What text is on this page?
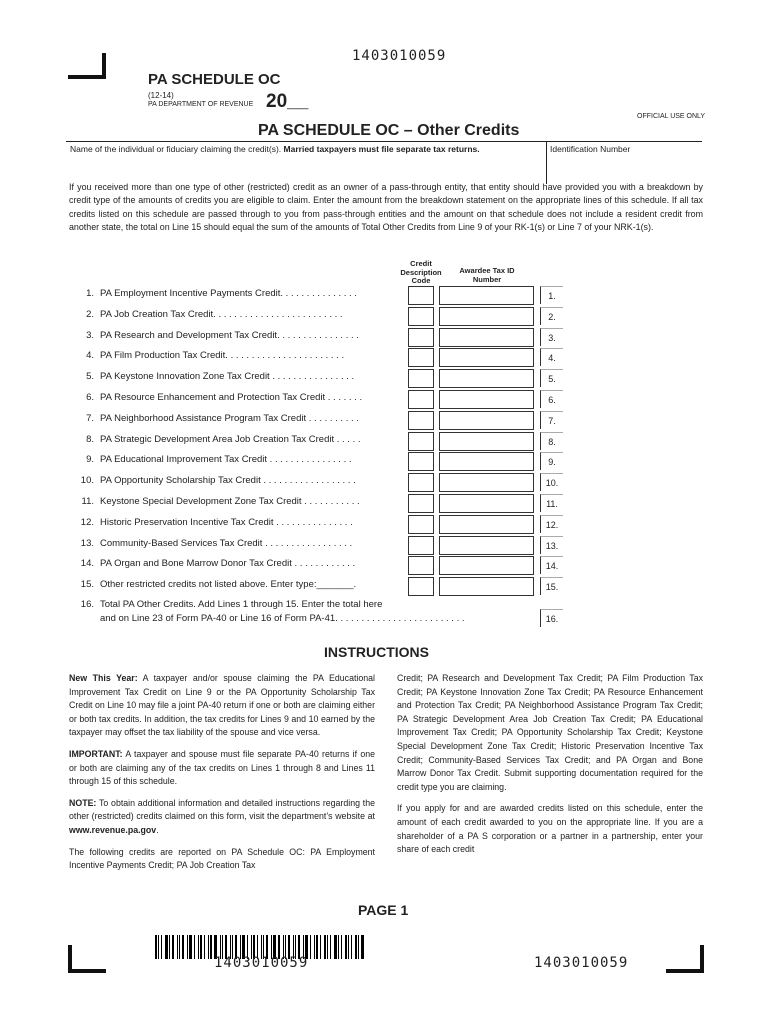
1403010059
PA SCHEDULE OC
(12-14)
PA DEPARTMENT OF REVENUE 20__
OFFICIAL USE ONLY
PA SCHEDULE OC – Other Credits
Name of the individual or fiduciary claiming the credit(s). Married taxpayers must file separate tax returns.	Identification Number
If you received more than one type of other (restricted) credit as an owner of a pass-through entity, that entity should have provided you with a breakdown by credit type of the amounts of credits you are eligible to claim. Enter the amount from the breakdown statement on the appropriate lines of this schedule. If all tax credits listed on this schedule are passed through to you from pass-through entities and the amount on that schedule does not include a resident credit from another state, the total on Line 15 should equal the sum of the amounts of Total Other Credits from Line 9 of your RK-1(s) or Line 7 of your NRK-1(s).
Credit Description Code
Awardee Tax ID Number
1. PA Employment Incentive Payments Credit. . . . . . . . . . . . . . .	1.
2. PA Job Creation Tax Credit. . . . . . . . . . . . . . . . . . . . . . . . .	2.
3. PA Research and Development Tax Credit. . . . . . . . . . . . . . . .	3.
4. PA Film Production Tax Credit. . . . . . . . . . . . . . . . . . . . . . .	4.
5. PA Keystone Innovation Zone Tax Credit . . . . . . . . . . . . . . . .	5.
6. PA Resource Enhancement and Protection Tax Credit . . . . . . .	6.
7. PA Neighborhood Assistance Program Tax Credit . . . . . . . . . .	7.
8. PA Strategic Development Area Job Creation Tax Credit . . . . .	8.
9. PA Educational Improvement Tax Credit . . . . . . . . . . . . . . . .	9.
10. PA Opportunity Scholarship Tax Credit . . . . . . . . . . . . . . . . . .	10.
11. Keystone Special Development Zone Tax Credit . . . . . . . . . . .	11.
12. Historic Preservation Incentive Tax Credit . . . . . . . . . . . . . . .	12.
13. Community-Based Services Tax Credit . . . . . . . . . . . . . . . . .	13.
14. PA Organ and Bone Marrow Donor Tax Credit . . . . . . . . . . . .	14.
15. Other restricted credits not listed above. Enter type:_______.	15.
16. Total PA Other Credits. Add Lines 1 through 15. Enter the total here
and on Line 23 of Form PA-40 or Line 16 of Form PA-41. . . . . . . . . . . . . . . . . . . . . . . . .	16.
INSTRUCTIONS

New This Year: A taxpayer and/or spouse claiming the PA Educational Improvement Tax Credit on Line 9 or the PA Opportunity Scholarship Tax Credit on Line 10 may file a joint PA-40 return if one or both are claiming either or both tax credits. In addition, the tax credits for Lines 9 and 10 earned by the taxpayer may offset the tax liability of the spouse and vice versa.

IMPORTANT: A taxpayer and spouse must file separate PA-40 returns if one or both are claiming any of the tax credits on Lines 1 through 8 and Lines 11 through 15 of this schedule.

NOTE: To obtain additional information and detailed instructions regarding the other (restricted) credits claimed on this form, visit the department’s website at www.revenue.pa.gov.

The following credits are reported on PA Schedule OC: PA Employment Incentive Payments Credit; PA Job Creation Tax

Credit; PA Research and Development Tax Credit; PA Film Production Tax Credit; PA Keystone Innovation Zone Tax Credit; PA Resource Enhancement and Protection Tax Credit; PA Neighborhood Assistance Program Tax Credit; PA Strategic Development Area Job Creation Tax Credit; PA Educational Improvement Tax Credit; PA Opportunity Scholarship Tax Credit; Keystone Special Development Zone Tax Credit; Historic Preservation Incentive Tax Credit; Community-Based Services Tax Credit; and PA Organ and Bone Marrow Donor Tax Credit. Submit supporting documentation required for the credit type you are claiming.

If you apply for and are awarded credits listed on this schedule, enter the amount of each credit awarded to you on the appropriate line. If you are a shareholder of a PA S corporation or a partner in a partnership, enter your share of each credit

PAGE 1
1403010059	1403010059
